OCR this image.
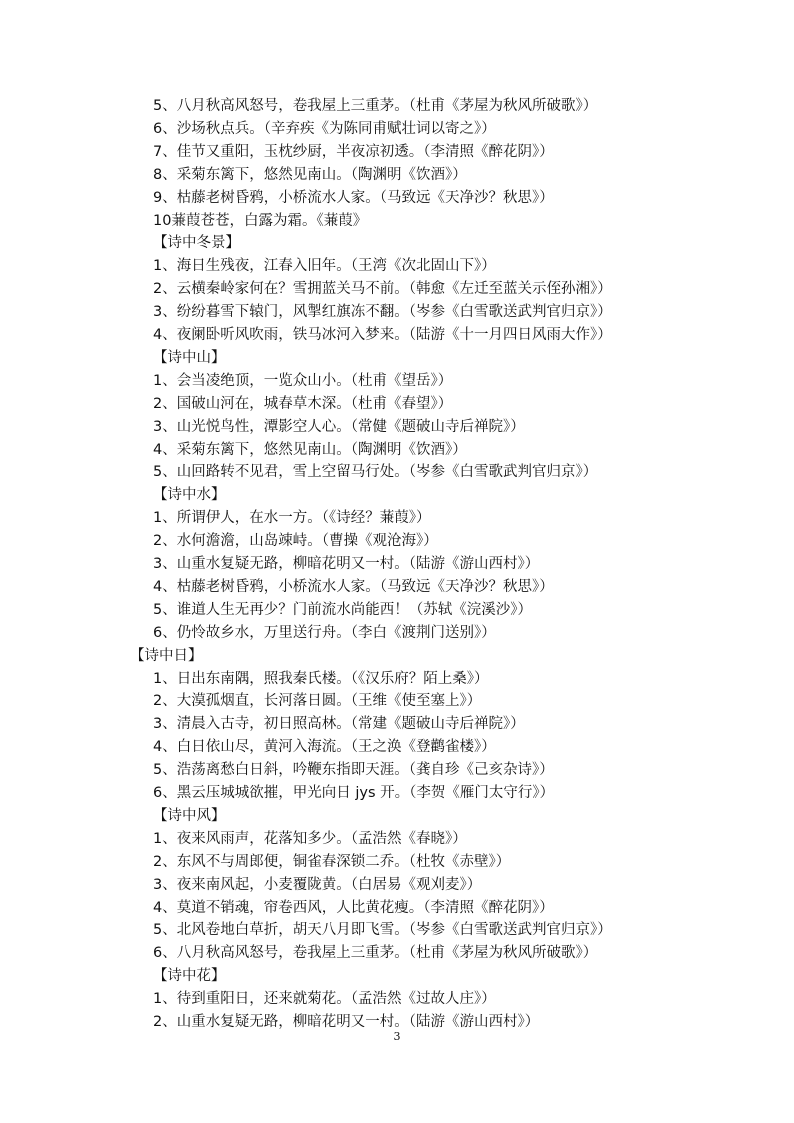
5、八月秋高风怒号，卷我屋上三重茅。（杜甫《茅屋为秋风所破歌》）
6、沙场秋点兵。（辛弃疾《为陈同甫赋壮词以寄之》）
7、佳节又重阳，玉枕纱厨，半夜凉初透。（李清照《醉花阴》）
8、采菊东篱下，悠然见南山。（陶渊明《饮酒》）
9、枯藤老树昏鸦，小桥流水人家。（马致远《天净沙？秋思》）
10蒹葭苍苍，白露为霜。《蒹葭》
【诗中冬景】
1、海日生残夜，江春入旧年。（王湾《次北固山下》）
2、云横秦岭家何在？雪拥蓝关马不前。（韩愈《左迁至蓝关示侄孙湘》）
3、纷纷暮雪下辕门，风掣红旗冻不翻。（岑参《白雪歌送武判官归京》）
4、夜阑卧听风吹雨，铁马冰河入梦来。（陆游《十一月四日风雨大作》）
【诗中山】
1、会当凌绝顶，一览众山小。（杜甫《望岳》）
2、国破山河在，城春草木深。（杜甫《春望》）
3、山光悦鸟性，潭影空人心。（常健《题破山寺后禅院》）
4、采菊东篱下，悠然见南山。（陶渊明《饮酒》）
5、山回路转不见君，雪上空留马行处。（岑参《白雪歌武判官归京》）
【诗中水】
1、所谓伊人，在水一方。（《诗经？蒹葭》）
2、水何澹澹，山岛竦峙。（曹操《观沧海》）
3、山重水复疑无路，柳暗花明又一村。（陆游《游山西村》）
4、枯藤老树昏鸦，小桥流水人家。（马致远《天净沙？秋思》）
5、谁道人生无再少？门前流水尚能西！（苏轼《浣溪沙》）
6、仍怜故乡水，万里送行舟。（李白《渡荆门送别》）
【诗中日】
1、日出东南隅，照我秦氏楼。（《汉乐府？陌上桑》）
2、大漠孤烟直，长河落日圆。（王维《使至塞上》）
3、清晨入古寺，初日照高林。（常建《题破山寺后禅院》）
4、白日依山尽，黄河入海流。（王之涣《登鹳雀楼》）
5、浩荡离愁白日斜，吟鞭东指即天涯。（龚自珍《己亥杂诗》）
6、黑云压城城欲摧，甲光向日 jys 开。（李贺《雁门太守行》）
【诗中风】
1、夜来风雨声，花落知多少。（孟浩然《春晓》）
2、东风不与周郎便，铜雀春深锁二乔。（杜牧《赤壁》）
3、夜来南风起，小麦覆陇黄。（白居易《观刈麦》）
4、莫道不销魂，帘卷西风，人比黄花瘦。（李清照《醉花阴》）
5、北风卷地白草折，胡天八月即飞雪。（岑参《白雪歌送武判官归京》）
6、八月秋高风怒号，卷我屋上三重茅。（杜甫《茅屋为秋风所破歌》）
【诗中花】
1、待到重阳日，还来就菊花。（孟浩然《过故人庄》）
2、山重水复疑无路，柳暗花明又一村。（陆游《游山西村》）
3
